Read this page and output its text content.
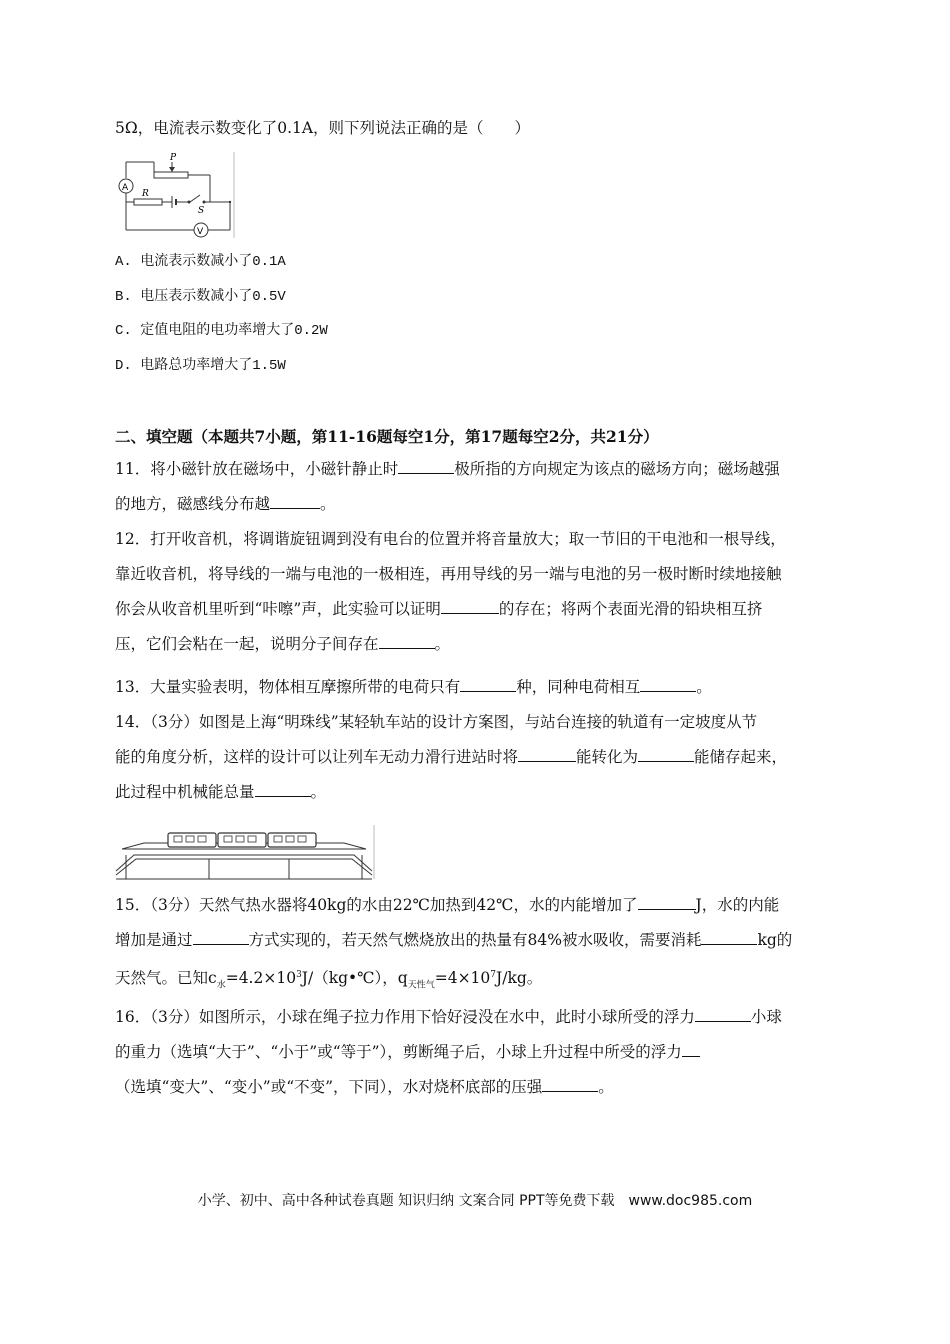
5Ω，电流表示数变化了0.1A，则下列说法正确的是（　　）
P
A
R
S
V
A. 电流表示数减小了0.1A
B. 电压表示数减小了0.5V
C. 定值电阻的电功率增大了0.2W
D. 电路总功率增大了1.5W
二、填空题（本题共7小题，第11-16题每空1分，第17题每空2分，共21分）
11．将小磁针放在磁场中，小磁针静止时	极所指的方向规定为该点的磁场方向；磁场越强
的地方，磁感线分布越	。
12．打开收音机，将调谐旋钮调到没有电台的位置并将音量放大；取一节旧的干电池和一根导线，
靠近收音机，将导线的一端与电池的一极相连，再用导线的另一端与电池的另一极时断时续地接触
你会从收音机里听到“咔嚓”声，此实验可以证明	的存在；将两个表面光滑的铅块相互挤
压，它们会粘在一起，说明分子间存在	。
13．大量实验表明，物体相互摩擦所带的电荷只有	种，同种电荷相互	。
14．（3分）如图是上海“明珠线”某轻轨车站的设计方案图，与站台连接的轨道有一定坡度从节
能的角度分析，这样的设计可以让列车无动力滑行进站时将	能转化为	能储存起来，
此过程中机械能总量	。
15．（3分）天然气热水器将40kg的水由22℃加热到42℃，水的内能增加了	J，水的内能
增加是通过	方式实现的，若天然气燃烧放出的热量有84%被水吸收，需要消耗	kg的
天然气。已知$c_水=4.2\times 10^3J/(kg•℃)$，$q_{天性气}=4\times 10^7J/kg$。
16．（3分）如图所示，小球在绳子拉力作用下恰好浸没在水中，此时小球所受的浮力	小球
的重力（选填“大于”、“小于”或“等于”），剪断绳子后，小球上升过程中所受的浮力
（选填“变大”、“变小”或“不变”，下同），水对烧杯底部的压强	。
小学、初中、高中各种试卷真题 知识归纳 文案合同 PPT等免费下载　www.doc985.com
